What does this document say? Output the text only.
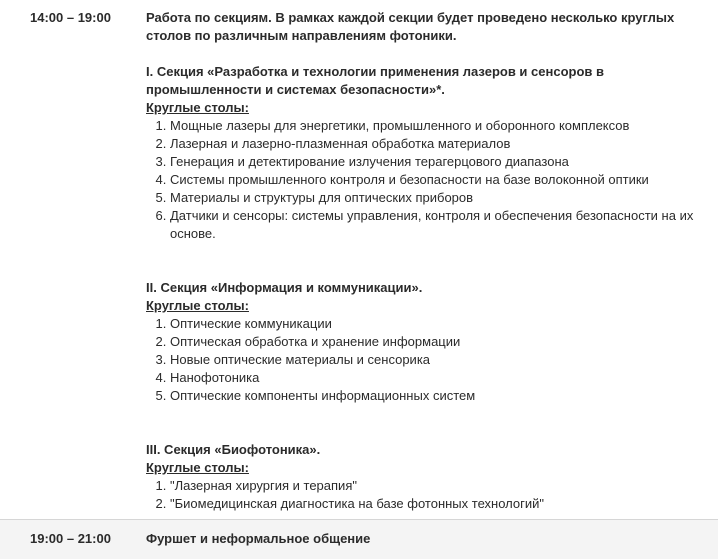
14:00 – 19:00	Работа по секциям. В рамках каждой секции будет проведено несколько круглых столов по различным направлениям фотоники.

I. Секция «Разработка и технологии применения лазеров и сенсоров в промышленности и системах безопасности»*.

Круглые столы:

1. Мощные лазеры для энергетики, промышленного и оборонного комплексов
2. Лазерная и лазерно-плазменная обработка материалов
3. Генерация и детектирование излучения терагерцового диапазона
4. Системы промышленного контроля и безопасности на базе волоконной оптики
5. Материалы и структуры для оптических приборов
6. Датчики и сенсоры: системы управления, контроля и обеспечения безопасности на их основе.

II. Секция «Информация и коммуникации».

Круглые столы:

1. Оптические коммуникации
2. Оптическая обработка и хранение информации
3. Новые оптические материалы и сенсорика
4. Нанофотоника
5. Оптические компоненты информационных систем

III. Секция «Биофотоника».

Круглые столы:

1. "Лазерная хирургия и терапия"
2. "Биомедицинская диагностика на базе фотонных технологий"
19:00 – 21:00	Фуршет и неформальное общение
